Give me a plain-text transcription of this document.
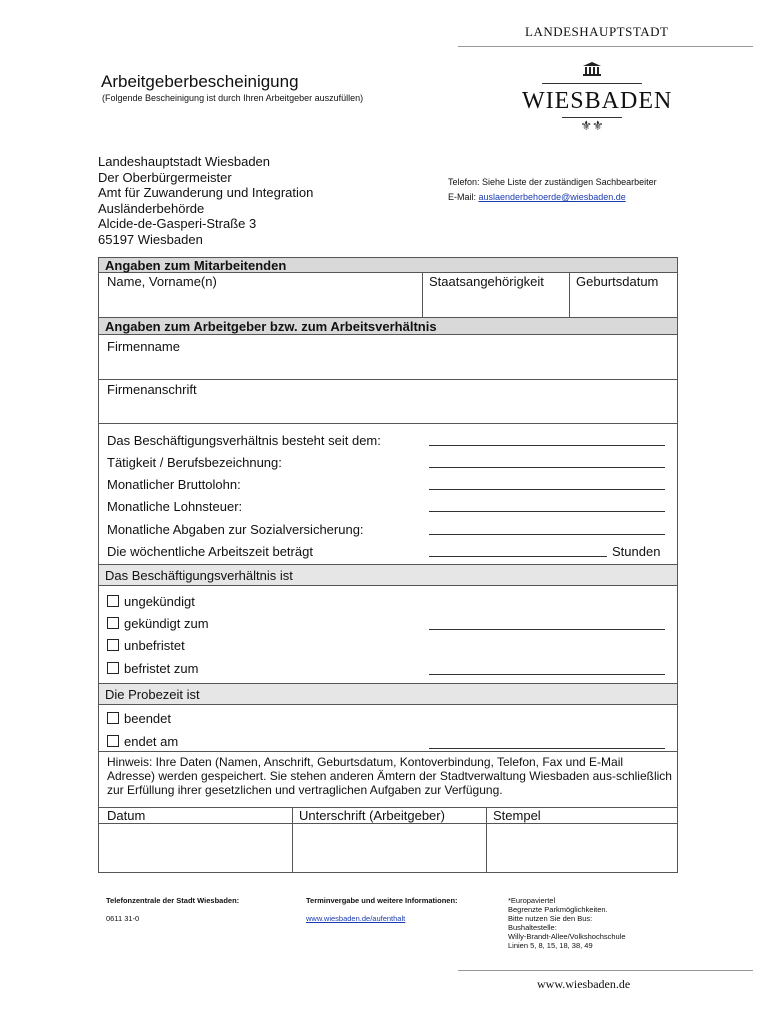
LANDESHAUPTSTADT
WIESBADEN
⚜⚜
Arbeitgeberbescheinigung
(Folgende Bescheinigung ist durch Ihren Arbeitgeber auszufüllen)
Landeshauptstadt Wiesbaden
Der Oberbürgermeister
Amt für Zuwanderung und Integration
Ausländerbehörde
Alcide-de-Gasperi-Straße 3
65197 Wiesbaden
Telefon: Siehe Liste der zuständigen Sachbearbeiter
E-Mail: auslaenderbehoerde@wiesbaden.de
Angaben zum Mitarbeitenden
Name, Vorname(n)	Staatsangehörigkeit Geburtsdatum
Angaben zum Arbeitgeber bzw. zum Arbeitsverhältnis
Firmenname
Firmenanschrift
Das Beschäftigungsverhältnis besteht seit dem:
Tätigkeit / Berufsbezeichnung:
Monatlicher Bruttolohn:
Monatliche Lohnsteuer:
Monatliche Abgaben zur Sozialversicherung:
Die wöchentliche Arbeitszeit beträgt	Stunden
Das Beschäftigungsverhältnis ist
ungekündigt
gekündigt zum
unbefristet
befristet zum
Die Probezeit ist
beendet
endet am
Hinweis: Ihre Daten (Namen, Anschrift, Geburtsdatum, Kontoverbindung, Telefon, Fax und E-Mail Adresse) werden gespeichert. Sie stehen anderen Ämtern der Stadtverwaltung Wiesbaden aus-schließlich zur Erfüllung ihrer gesetzlichen und vertraglichen Aufgaben zur Verfügung.
Datum	Unterschrift (Arbeitgeber)	Stempel
Telefonzentrale der Stadt Wiesbaden:
0611 31-0
Terminvergabe und weitere Informationen:
www.wiesbaden.de/aufenthalt
*Europaviertel
Begrenzte Parkmöglichkeiten.
Bitte nutzen Sie den Bus:
Bushaltestelle:
Willy-Brandt-Allee/Volkshochschule
Linien 5, 8, 15, 18, 38, 49
www.wiesbaden.de
